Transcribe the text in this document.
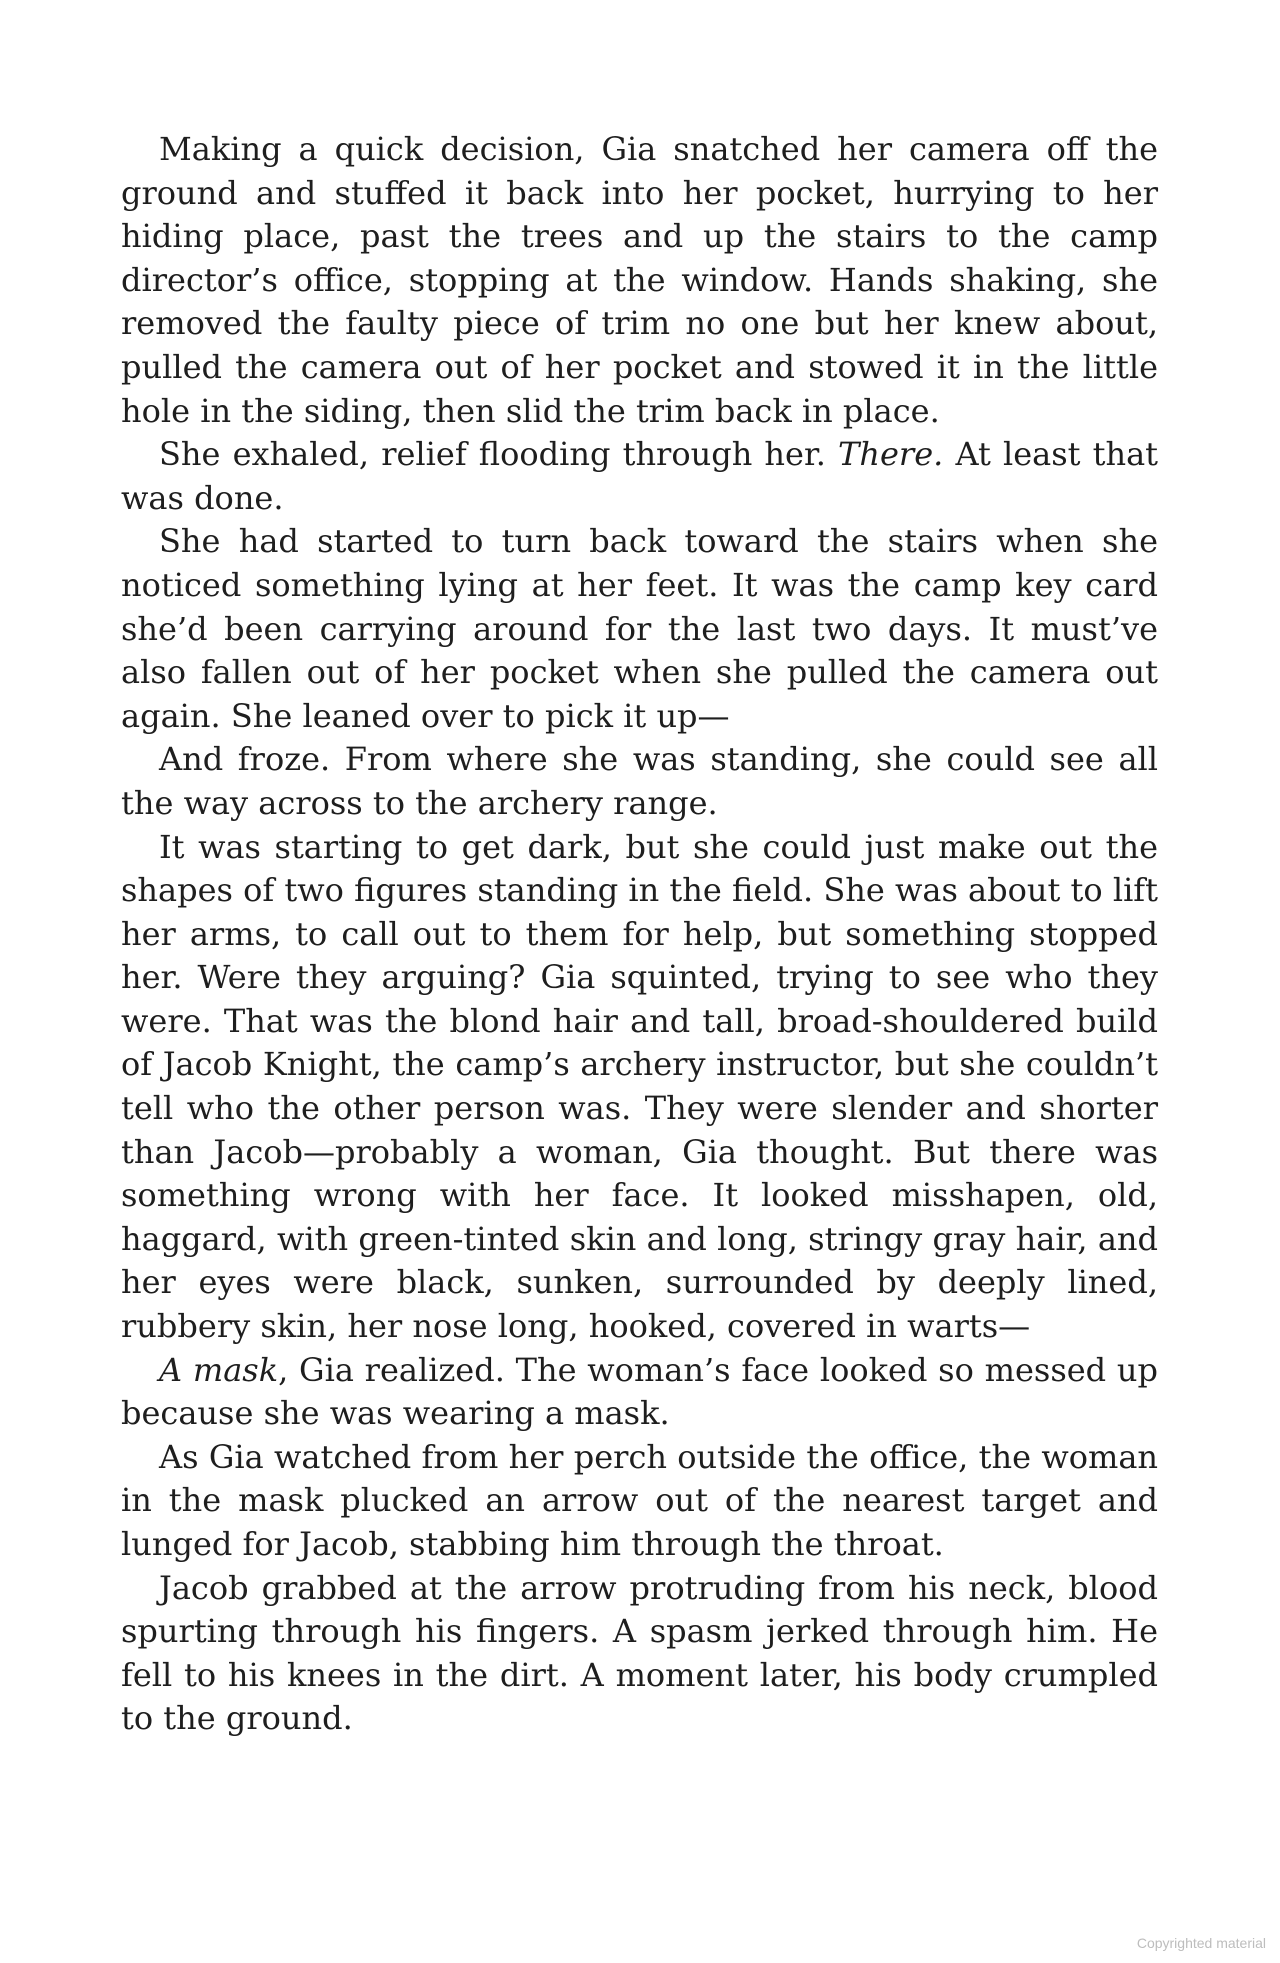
Making a quick decision, Gia snatched her camera off the ground and stuffed it back into her pocket, hurrying to her hiding place, past the trees and up the stairs to the camp director’s office, stopping at the window. Hands shaking, she removed the faulty piece of trim no one but her knew about, pulled the camera out of her pocket and stowed it in the little hole in the siding, then slid the trim back in place.

She exhaled, relief flooding through her. There. At least that was done.

She had started to turn back toward the stairs when she noticed something lying at her feet. It was the camp key card she’d been carrying around for the last two days. It must’ve also fallen out of her pocket when she pulled the camera out again. She leaned over to pick it up—

And froze. From where she was standing, she could see all the way across to the archery range.

It was starting to get dark, but she could just make out the shapes of two figures standing in the field. She was about to lift her arms, to call out to them for help, but something stopped her. Were they arguing? Gia squinted, trying to see who they were. That was the blond hair and tall, broad-shouldered build of Jacob Knight, the camp’s archery instructor, but she couldn’t tell who the other person was. They were slender and shorter than Jacob—probably a woman, Gia thought. But there was something wrong with her face. It looked misshapen, old, haggard, with green-tinted skin and long, stringy gray hair, and her eyes were black, sunken, surrounded by deeply lined, rubbery skin, her nose long, hooked, covered in warts—

A mask, Gia realized. The woman’s face looked so messed up because she was wearing a mask.

As Gia watched from her perch outside the office, the woman in the mask plucked an arrow out of the nearest target and lunged for Jacob, stabbing him through the throat.

Jacob grabbed at the arrow protruding from his neck, blood spurting through his fingers. A spasm jerked through him. He fell to his knees in the dirt. A moment later, his body crumpled to the ground.

Copyrighted material
